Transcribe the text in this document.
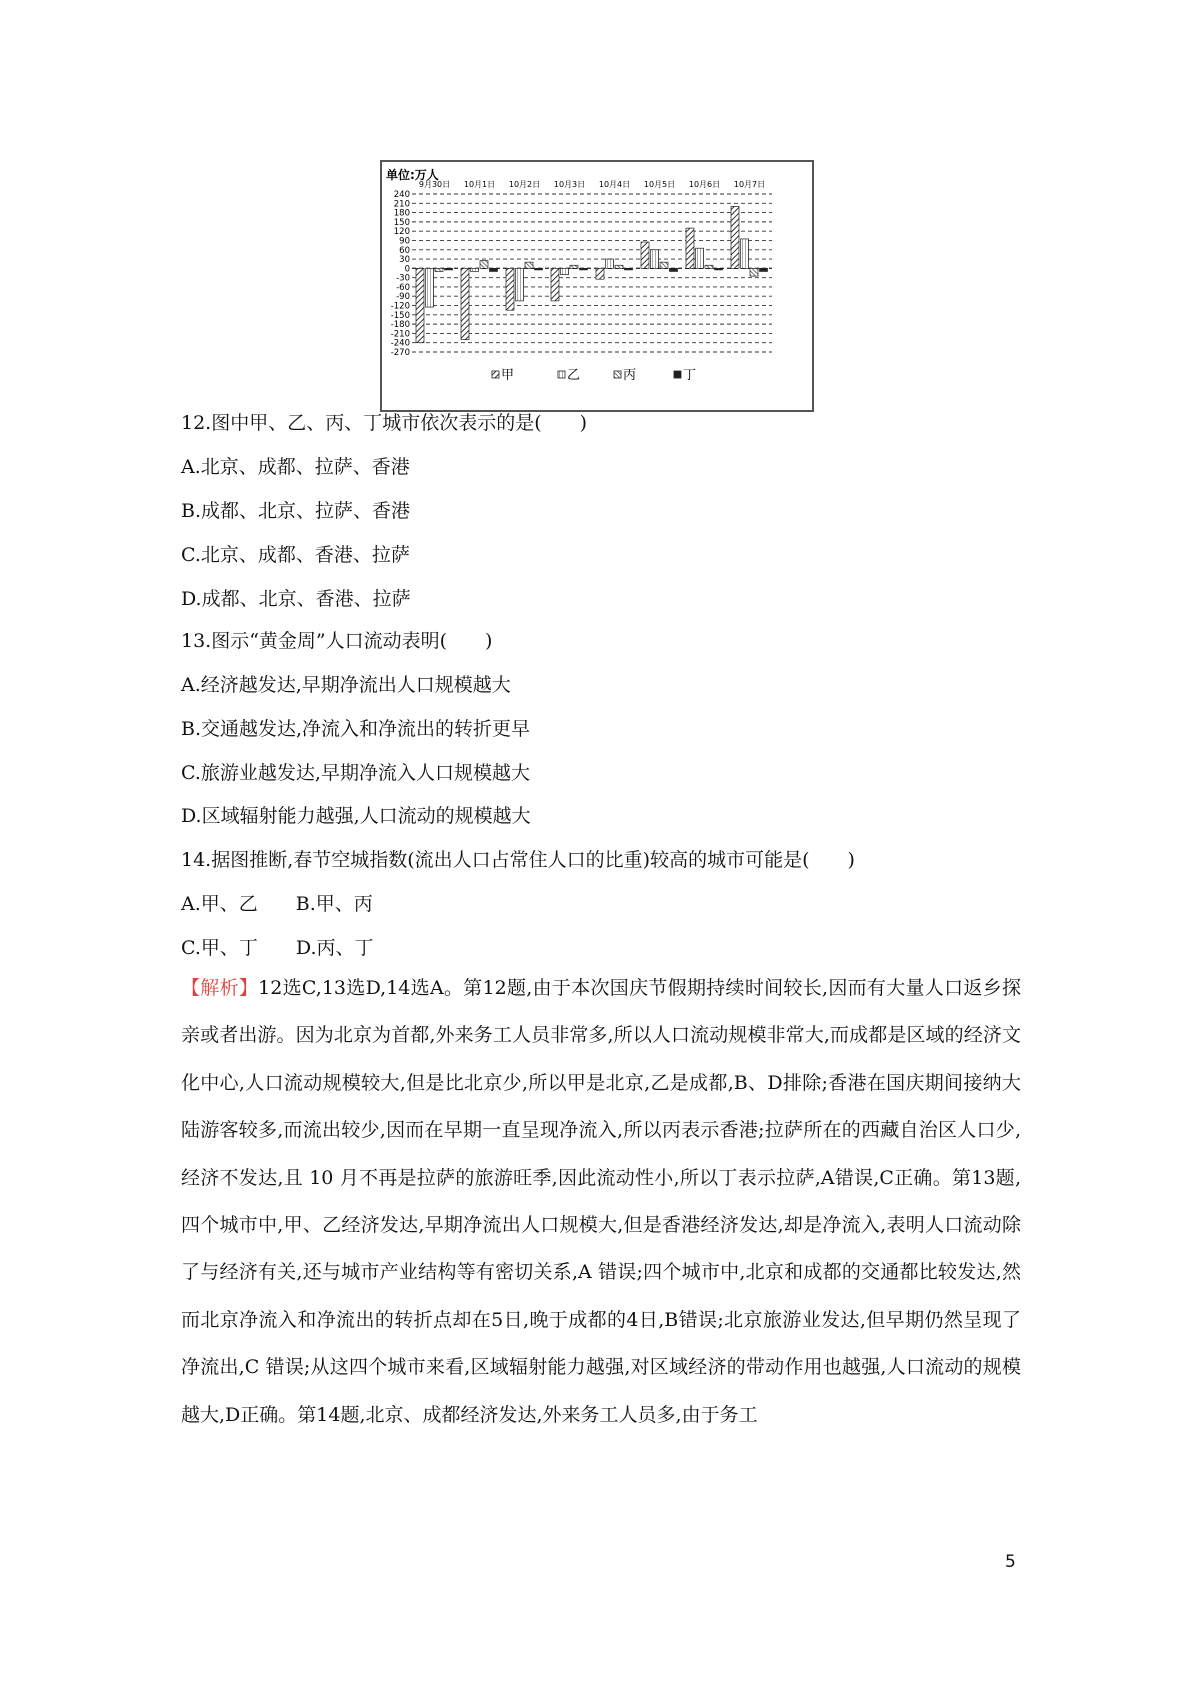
单位:万人
240
210
180
150
120
90
60
30
0
-30
-60
-90
-120
-150
-180
-210
-240
-270
9月30日 10月1日 10月2日 10月3日 10月4日 10月5日 10月6日 10月7日
甲	乙	丙	丁

12.图中甲、乙、丙、丁城市依次表示的是(　　)

A.北京、成都、拉萨、香港

B.成都、北京、拉萨、香港

C.北京、成都、香港、拉萨

D.成都、北京、香港、拉萨

13.图示“黄金周”人口流动表明(　　)

A.经济越发达,早期净流出人口规模越大

B.交通越发达,净流入和净流出的转折更早

C.旅游业越发达,早期净流入人口规模越大

D.区域辐射能力越强,人口流动的规模越大

14.据图推断,春节空城指数(流出人口占常住人口的比重)较高的城市可能是(　　)

A.甲、乙　　B.甲、丙

C.甲、丁　　D.丙、丁

【解析】12选C,13选D,14选A。第12题,由于本次国庆节假期持续时间较长,因而有大量人口返乡探亲或者出游。因为北京为首都,外来务工人员非常多,所以人口流动规模非常大,而成都是区域的经济文化中心,人口流动规模较大,但是比北京少,所以甲是北京,乙是成都,B、D排除;香港在国庆期间接纳大陆游客较多,而流出较少,因而在早期一直呈现净流入,所以丙表示香港;拉萨所在的西藏自治区人口少,经济不发达,且 10 月不再是拉萨的旅游旺季,因此流动性小,所以丁表示拉萨,A错误,C正确。第13题,四个城市中,甲、乙经济发达,早期净流出人口规模大,但是香港经济发达,却是净流入,表明人口流动除了与经济有关,还与城市产业结构等有密切关系,A 错误;四个城市中,北京和成都的交通都比较发达,然而北京净流入和净流出的转折点却在5日,晚于成都的4日,B错误;北京旅游业发达,但早期仍然呈现了净流出,C 错误;从这四个城市来看,区域辐射能力越强,对区域经济的带动作用也越强,人口流动的规模越大,D正确。第14题,北京、成都经济发达,外来务工人员多,由于务工

5
